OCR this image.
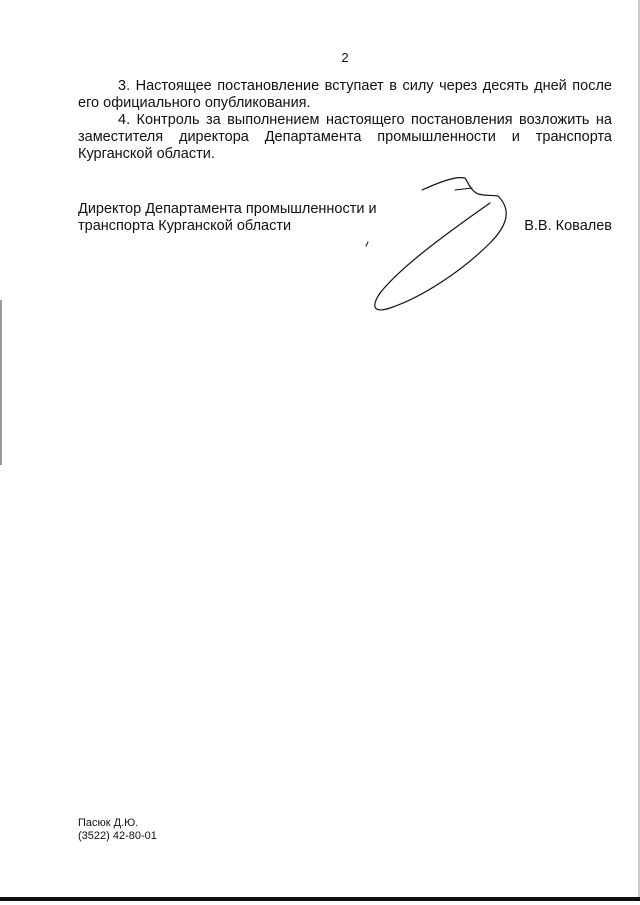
2

3. Настоящее постановление вступает в силу через десять дней после его официального опубликования.

4. Контроль за выполнением настоящего постановления возложить на заместителя директора Департамента промышленности и транспорта Курганской области.

Директор Департамента промышленности и
транспорта Курганской области	В.В. Ковалев
Пасюк Д.Ю.
(3522) 42-80-01
